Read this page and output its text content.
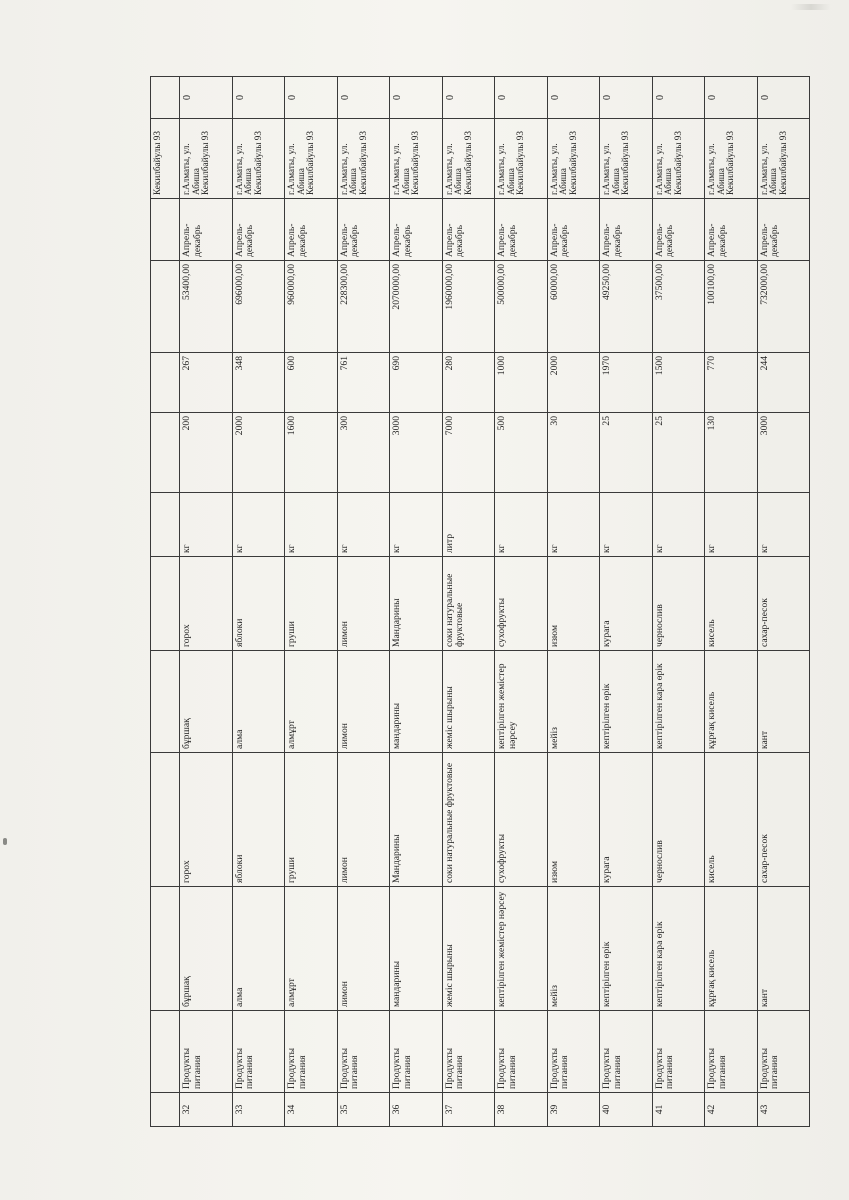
											Кекилбайулы 93	
32	Продукты питания	бұршақ	горох	бұршақ	горох	кг	200	267	53400,00	Апрель-декабрь	г.Алматы, ул. Абиша Кекилбайулы 93	0
33	Продукты питания	алма	яблоки	алма	яблоки	кг	2000	348	696000,00	Апрель-декабрь	г.Алматы, ул. Абиша Кекилбайулы 93	0
34	Продукты питания	алмұрт	груши	алмұрт	груши	кг	1600	600	960000,00	Апрель-декабрь	г.Алматы, ул. Абиша Кекилбайулы 93	0
35	Продукты питания	лимон	лимон	лимон	лимон	кг	300	761	228300,00	Апрель-декабрь	г.Алматы, ул. Абиша Кекилбайулы 93	0
36	Продукты питания	мандарины	Мандарины	мандарины	Мандарины	кг	3000	690	2070000,00	Апрель-декабрь	г.Алматы, ул. Абиша Кекилбайулы 93	0
37	Продукты питания	жеміс шырыны	соки натуральные фруктовые	жеміс шырыны	соки натуральные фруктовые	литр	7000	280	1960000,00	Апрель-декабрь	г.Алматы, ул. Абиша Кекилбайулы 93	0
38	Продукты питания	кептірілген жемістер нәрсеу	сухофрукты	кептірілген жемістер нәрсеу	сухофрукты	кг	500	1000	500000,00	Апрель-декабрь	г.Алматы, ул. Абиша Кекилбайулы 93	0
39	Продукты питания	мейіз	изюм	мейіз	изюм	кг	30	2000	60000,00	Апрель-декабрь	г.Алматы, ул. Абиша Кекилбайулы 93	0
40	Продукты питания	кептірілген өрік	курага	кептірілген өрік	курага	кг	25	1970	49250,00	Апрель-декабрь	г.Алматы, ул. Абиша Кекилбайулы 93	0
41	Продукты питания	кептірілген кара өрік	чернослив	кептірілген кара өрік	чернослив	кг	25	1500	37500,00	Апрель-декабрь	г.Алматы, ул. Абиша Кекилбайулы 93	0
42	Продукты питания	құрғақ кисель	кисель	құрғақ кисель	кисель	кг	130	770	100100,00	Апрель-декабрь	г.Алматы, ул. Абиша Кекилбайулы 93	0
43	Продукты питания	кант	сахар-песок	кант	сахар-песок	кг	3000	244	732000,00	Апрель-декабрь	г.Алматы, ул. Абиша Кекилбайулы 93	0
